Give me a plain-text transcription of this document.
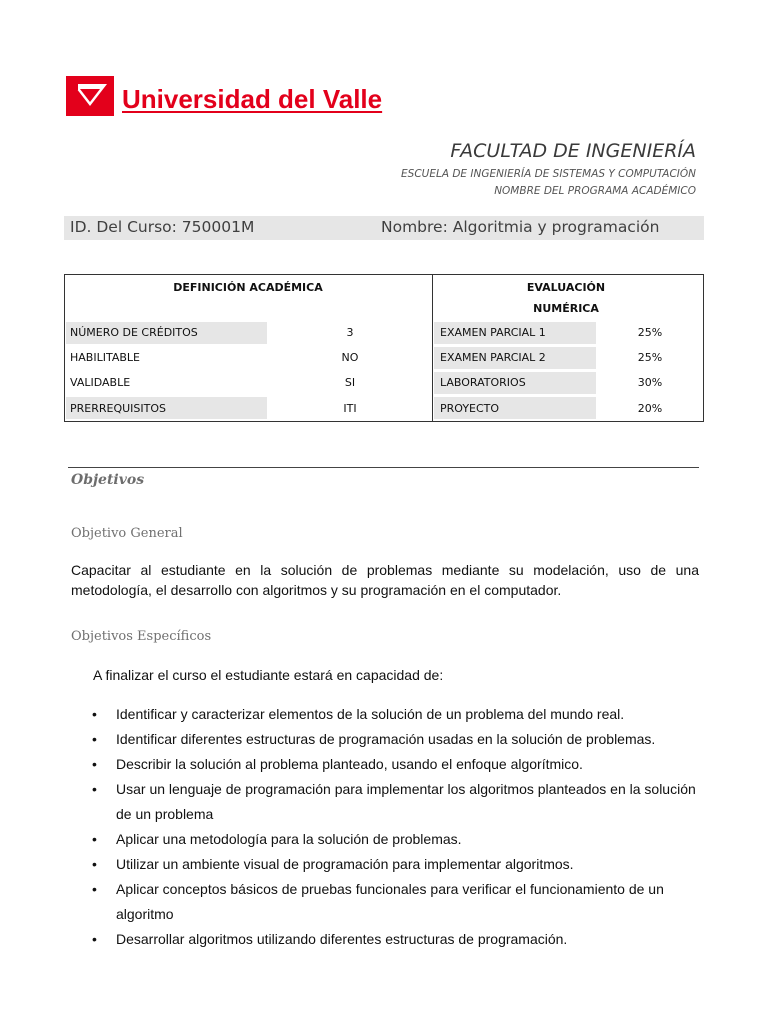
Universidad del Valle
FACULTAD DE INGENIERÍA
ESCUELA DE INGENIERÍA DE SISTEMAS Y COMPUTACIÓN
NOMBRE DEL PROGRAMA ACADÉMICO
ID. Del Curso: 750001M	Nombre: Algoritmia y programación
DEFINICIÓN ACADÉMICA	EVALUACIÓN
NUMÉRICA
NÚMERO DE CRÉDITOS	3
HABILITABLE	NO
VALIDABLE	SI
PRERREQUISITOS	ITI
EXAMEN PARCIAL 1	25%
EXAMEN PARCIAL 2	25%
LABORATORIOS	30%
PROYECTO	20%
Objetivos
Objetivo General
Capacitar al estudiante en la solución de problemas mediante su modelación, uso de una metodología, el desarrollo con algoritmos y su programación en el computador.
Objetivos Específicos
A finalizar el curso el estudiante estará en capacidad de:
• Identificar y caracterizar elementos de la solución de un problema del mundo real.
• Identificar diferentes estructuras de programación usadas en la solución de problemas.
• Describir la solución al problema planteado, usando el enfoque algorítmico.
• Usar un lenguaje de programación para implementar los algoritmos planteados en la solución de un problema
• Aplicar una metodología para la solución de problemas.
• Utilizar un ambiente visual de programación para implementar algoritmos.
• Aplicar conceptos básicos de pruebas funcionales para verificar el funcionamiento de un algoritmo
• Desarrollar algoritmos utilizando diferentes estructuras de programación.
